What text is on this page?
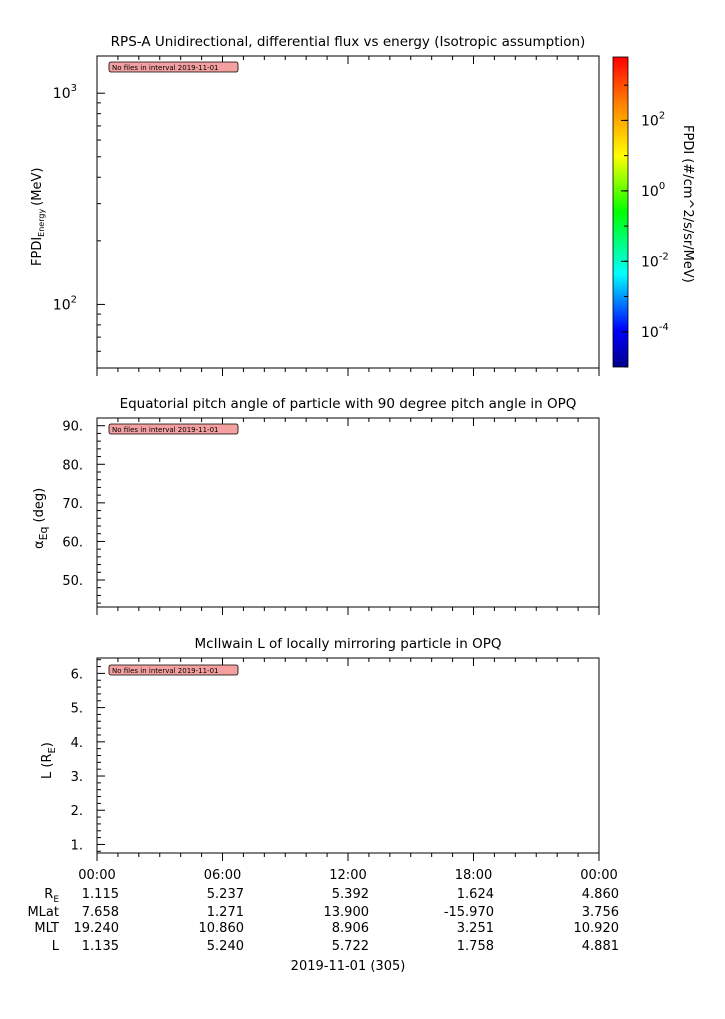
RPS-A Unidirectional, differential flux vs energy (Isotropic assumption)
$10^3$
$10^2$
$FPDI_{Energy}(MeV)$
No files in interval 2019-11-01
$10^2$
$10^0$
$10^{-2}$
$10^{-4}$
FPDI (#/cm^2/s/sr/MeV)
Equatorial pitch angle of particle with 90 degree pitch angle in OPQ
90.
80.
70.
60.
50.
$\alpha_{Eq}(deg)$
No files in interval 2019-11-01
McIlwain L of locally mirroring particle in OPQ
6.
5.
4.
3.
2.
1.
L $(R_E)$
No files in interval 2019-11-01
00:00	06:00	12:00	18:00	00:00
$R_E$ 1.115	5.237	5.392	1.624	4.860
MLat 7.658	1.271	13.900	-15.970	3.756
MLT 19.240	10.860	8.906	3.251	10.920
L 1.135	5.240	5.722	1.758	4.881
2019-11-01 (305)
